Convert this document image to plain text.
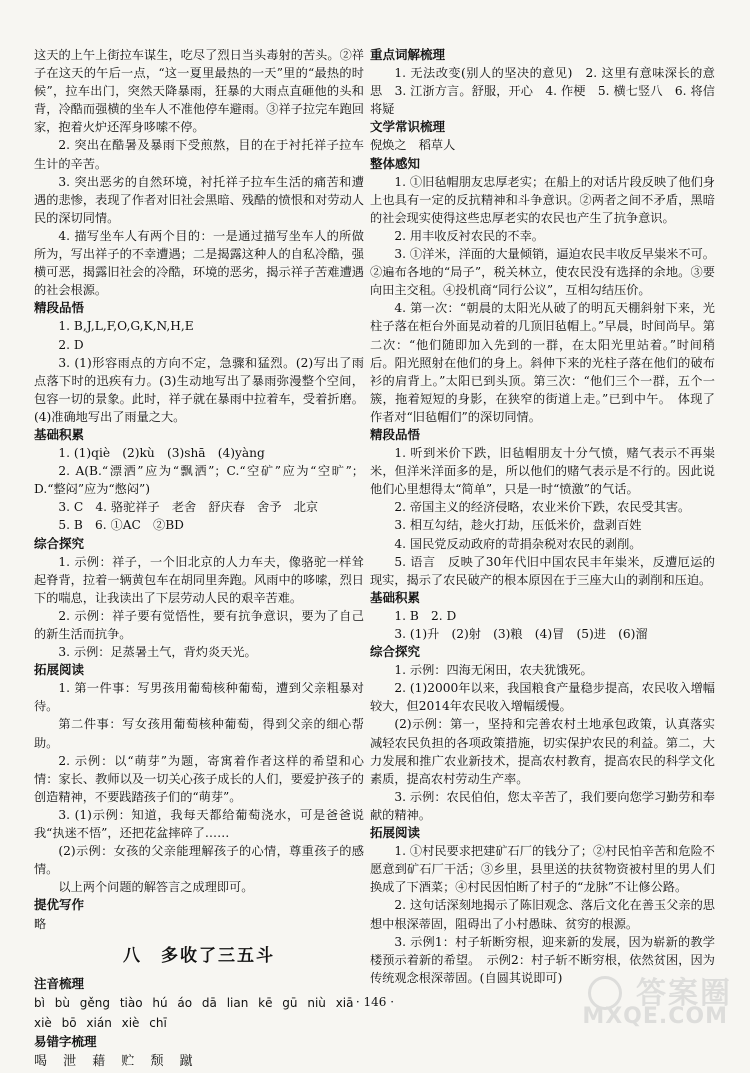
这天的上午上街拉车谋生，吃尽了烈日当头毒射的苦头。②祥子在这天的午后一点，“这一夏里最热的一天”里的“最热的时候”，拉车出门，突然天降暴雨，狂暴的大雨点直砸他的头和背，冷酷而强横的坐车人不准他停车避雨。③祥子拉完车跑回家，抱着火炉还浑身哆嗦不停。

2. 突出在酷暑及暴雨下受煎熬，目的在于衬托祥子拉车生计的辛苦。

3. 突出恶劣的自然环境，衬托祥子拉车生活的痛苦和遭遇的悲惨，表现了作者对旧社会黑暗、残酷的愤恨和对劳动人民的深切同情。

4. 描写坐车人有两个目的：一是通过描写坐车人的所做所为，写出祥子的不幸遭遇；二是揭露这种人的自私冷酷，强横可恶，揭露旧社会的冷酷，环境的恶劣，揭示祥子苦难遭遇的社会根源。

精段品悟

1. B,J,L,F,O,G,K,N,H,E

2. D

3. (1)形容雨点的方向不定，急骤和猛烈。(2)写出了雨点落下时的迅疾有力。(3)生动地写出了暴雨弥漫整个空间，包容一切的景象。此时，祥子就在暴雨中拉着车，受着折磨。(4)准确地写出了雨量之大。

基础积累

1. (1)qiè　(2)kù　(3)shā　(4)yàng

2. A(B.“漂洒”应为“飘洒”；C.“空矿”应为“空旷”；D.“整闷”应为“憋闷”)

3. C　4. 骆驼祥子　老舍　舒庆春　舍予　北京

5. B　6. ①AC　②BD

综合探究

1. 示例：祥子，一个旧北京的人力车夫，像骆驼一样耸起脊背，拉着一辆黄包车在胡同里奔跑。风雨中的哆嗦，烈日下的喘息，让我读出了下层劳动人民的艰辛苦难。

2. 示例：祥子要有觉悟性，要有抗争意识，要为了自己的新生活而抗争。

3. 示例：足蒸暑土气，背灼炎天光。

拓展阅读

1. 第一件事：写男孩用葡萄核种葡萄，遭到父亲粗暴对待。

第二件事：写女孩用葡萄核种葡萄，得到父亲的细心帮助。

2. 示例：以“萌芽”为题，寄寓着作者这样的希望和心情：家长、教师以及一切关心孩子成长的人们，要爱护孩子的创造精神，不要践踏孩子们的“萌芽”。

3. (1)示例：知道，我每天都给葡萄浇水，可是爸爸说我“执迷不悟”，还把花盆摔碎了……

(2)示例：女孩的父亲能理解孩子的心情，尊重孩子的感情。

以上两个问题的解答言之成理即可。

提优写作

略

八　多收了三五斗
注音梳理
bì bù gěng tiào hú áo dā lian kē gū niù xiā
xiè bō xián xiè chī
易错字梳理
喝 泄 藉 贮 颓 蹴
重点词解梳理

1. 无法改变(别人的坚决的意见)　2. 这里有意味深长的意思　3. 江浙方言。舒服，开心　4. 作梗　5. 横七竖八　6. 将信将疑

文学常识梳理

倪焕之　稻草人

整体感知

1. ①旧毡帽朋友忠厚老实；在船上的对话片段反映了他们身上也具有一定的反抗精神和斗争意识。②两者之间不矛盾，黑暗的社会现实使得这些忠厚老实的农民也产生了抗争意识。

2. 用丰收反衬农民的不幸。

3. ①洋米，洋面的大量倾销，逼迫农民丰收反早粜米不可。②遍布各地的“局子”，税关林立，使农民没有选择的余地。③要向田主交租。④投机商“同行公议”，互相勾结压价。

4. 第一次：“朝晨的太阳光从破了的明瓦天棚斜射下来，光柱子落在柜台外面晃动着的几顶旧毡帽上。”早晨，时间尚早。第二次：“他们随即加入先到的一群，在太阳光里站着。”时间稍后。阳光照射在他们的身上。斜伸下来的光柱子落在他们的破布衫的肩背上。”太阳已到头顶。第三次：“他们三个一群，五个一簇，拖着短短的身影，在狭窄的街道上走。”已到中午。　体现了作者对“旧毡帽们”的深切同情。

精段品悟

1. 听到米价下跌，旧毡帽朋友十分气愤，赌气表示不再粜米，但洋米洋面多的是，所以他们的赌气表示是不行的。因此说他们心里想得太“简单”，只是一时“愤激”的气话。

2. 帝国主义的经济侵略，农业米价下跌，农民受其害。

3. 相互勾结，趁火打劫，压低米价，盘剥百姓

4. 国民党反动政府的苛捐杂税对农民的剥削。

5. 语言　反映了30年代旧中国农民丰年粜米，反遭厄运的现实，揭示了农民破产的根本原因在于三座大山的剥削和压迫。

基础积累

1. B　2. D

3. (1)升　(2)射　(3)粮　(4)冒　(5)进　(6)溜

综合探究

1. 示例：四海无闲田，农夫犹饿死。

2. (1)2000年以来，我国粮食产量稳步提高，农民收入增幅较大，但2014年农民收入增幅缓慢。

(2)示例：第一，坚持和完善农村土地承包政策，认真落实减轻农民负担的各项政策措施，切实保护农民的利益。第二，大力发展和推广农业新技术，提高农村教育，提高农民的科学文化素质，提高农村劳动生产率。

3. 示例：农民伯伯，您太辛苦了，我们要向您学习勤劳和奉献的精神。

拓展阅读

1. ①村民要求把建矿石厂的钱分了；②村民怕辛苦和危险不愿意到矿石厂干活；③乡里，县里送的扶贫物资被村里的男人们换成了下酒菜；④村民因怕断了村子的“龙脉”不让修公路。

2. 这句话深刻地揭示了陈旧观念、落后文化在善玉父亲的思想中根深蒂固，阻碍出了小村愚昧、贫穷的根源。

3. 示例1：村子斩断穷根，迎来新的发展，因为崭新的教学楼预示着新的希望。　示例2：村子斩不断穷根，依然贫困，因为传统观念根深蒂固。(自圆其说即可)

· 146 ·	答案圈
MXQE.COM
